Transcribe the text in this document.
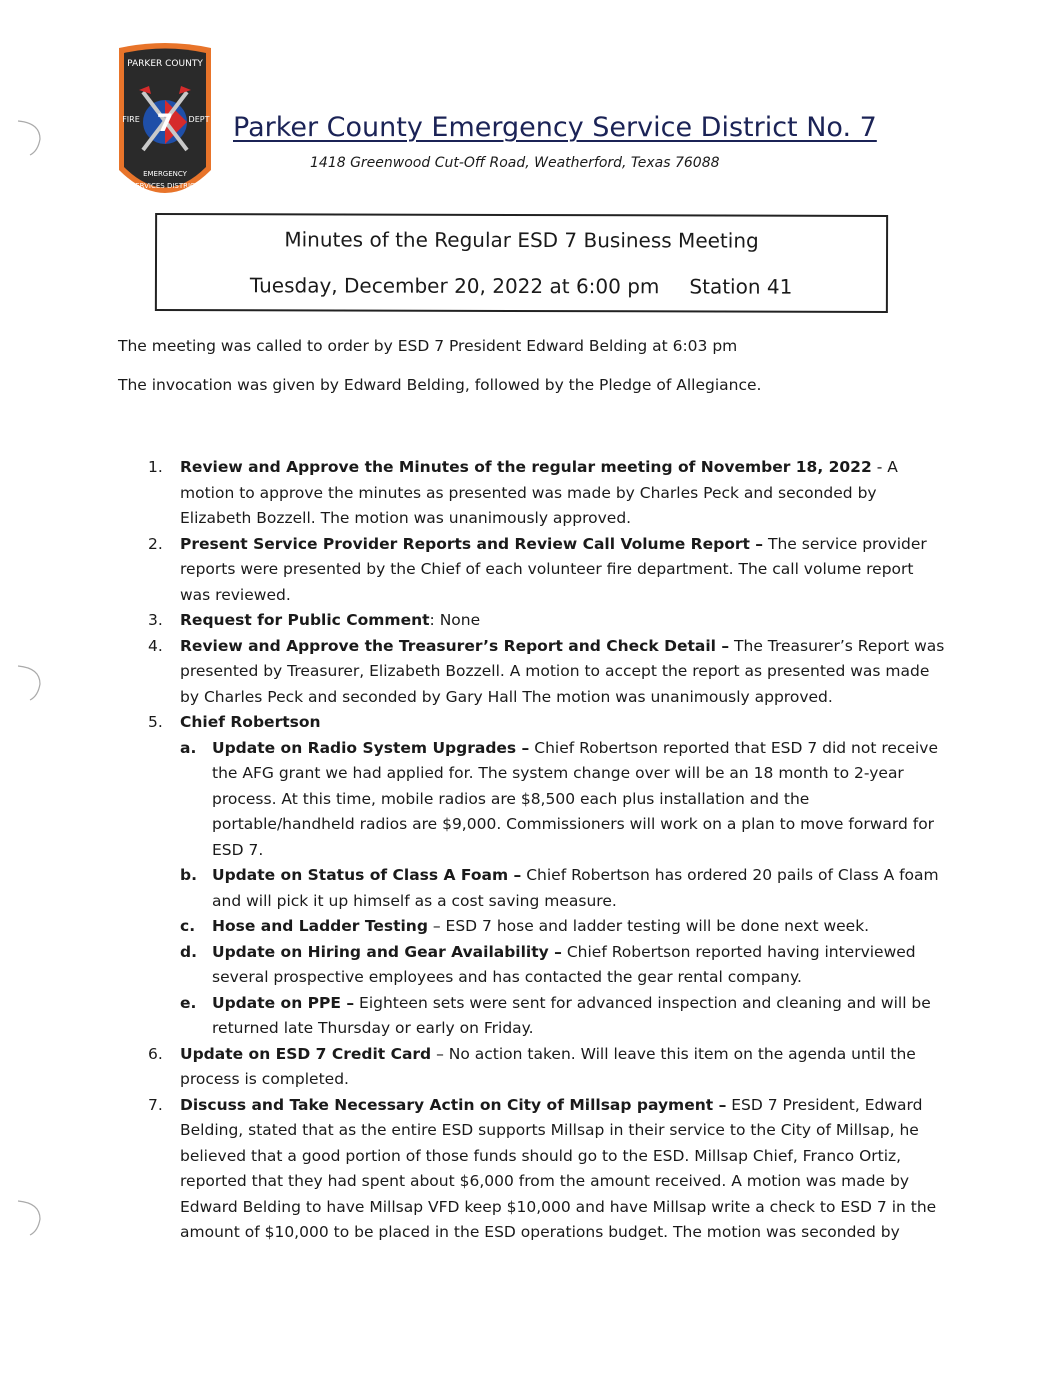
PARKER COUNTY
7
FIRE	DEPT
EMERGENCY
SERVICES DISTRICT
Parker County Emergency Service District No. 7
1418 Greenwood Cut-Off Road, Weatherford, Texas 76088
Minutes of the Regular ESD 7 Business Meeting
Tuesday, December 20, 2022 at 6:00 pm Station 41
The meeting was called to order by ESD 7 President Edward Belding at 6:03 pm
The invocation was given by Edward Belding, followed by the Pledge of Allegiance.
1.	Review and Approve the Minutes of the regular meeting of November 18, 2022 - A motion to approve the minutes as presented was made by Charles Peck and seconded by Elizabeth Bozzell. The motion was unanimously approved.
2.	Present Service Provider Reports and Review Call Volume Report – The service provider reports were presented by the Chief of each volunteer fire department. The call volume report was reviewed.
3.	Request for Public Comment: None
4.	Review and Approve the Treasurer’s Report and Check Detail – The Treasurer’s Report was presented by Treasurer, Elizabeth Bozzell. A motion to accept the report as presented was made by Charles Peck and seconded by Gary Hall The motion was unanimously approved.
5.	Chief Robertson
a.	Update on Radio System Upgrades – Chief Robertson reported that ESD 7 did not receive the AFG grant we had applied for. The system change over will be an 18 month to 2-year process. At this time, mobile radios are $8,500 each plus installation and the portable/handheld radios are $9,000. Commissioners will work on a plan to move forward for ESD 7.
b. Update on Status of Class A Foam – Chief Robertson has ordered 20 pails of Class A foam and will pick it up himself as a cost saving measure.
c.	Hose and Ladder Testing – ESD 7 hose and ladder testing will be done next week.
d. Update on Hiring and Gear Availability – Chief Robertson reported having interviewed several prospective employees and has contacted the gear rental company.
e.	Update on PPE – Eighteen sets were sent for advanced inspection and cleaning and will be returned late Thursday or early on Friday.
6.	Update on ESD 7 Credit Card – No action taken. Will leave this item on the agenda until the process is completed.
7.	Discuss and Take Necessary Actin on City of Millsap payment – ESD 7 President, Edward Belding, stated that as the entire ESD supports Millsap in their service to the City of Millsap, he believed that a good portion of those funds should go to the ESD. Millsap Chief, Franco Ortiz, reported that they had spent about $6,000 from the amount received. A motion was made by Edward Belding to have Millsap VFD keep $10,000 and have Millsap write a check to ESD 7 in the amount of $10,000 to be placed in the ESD operations budget. The motion was seconded by
